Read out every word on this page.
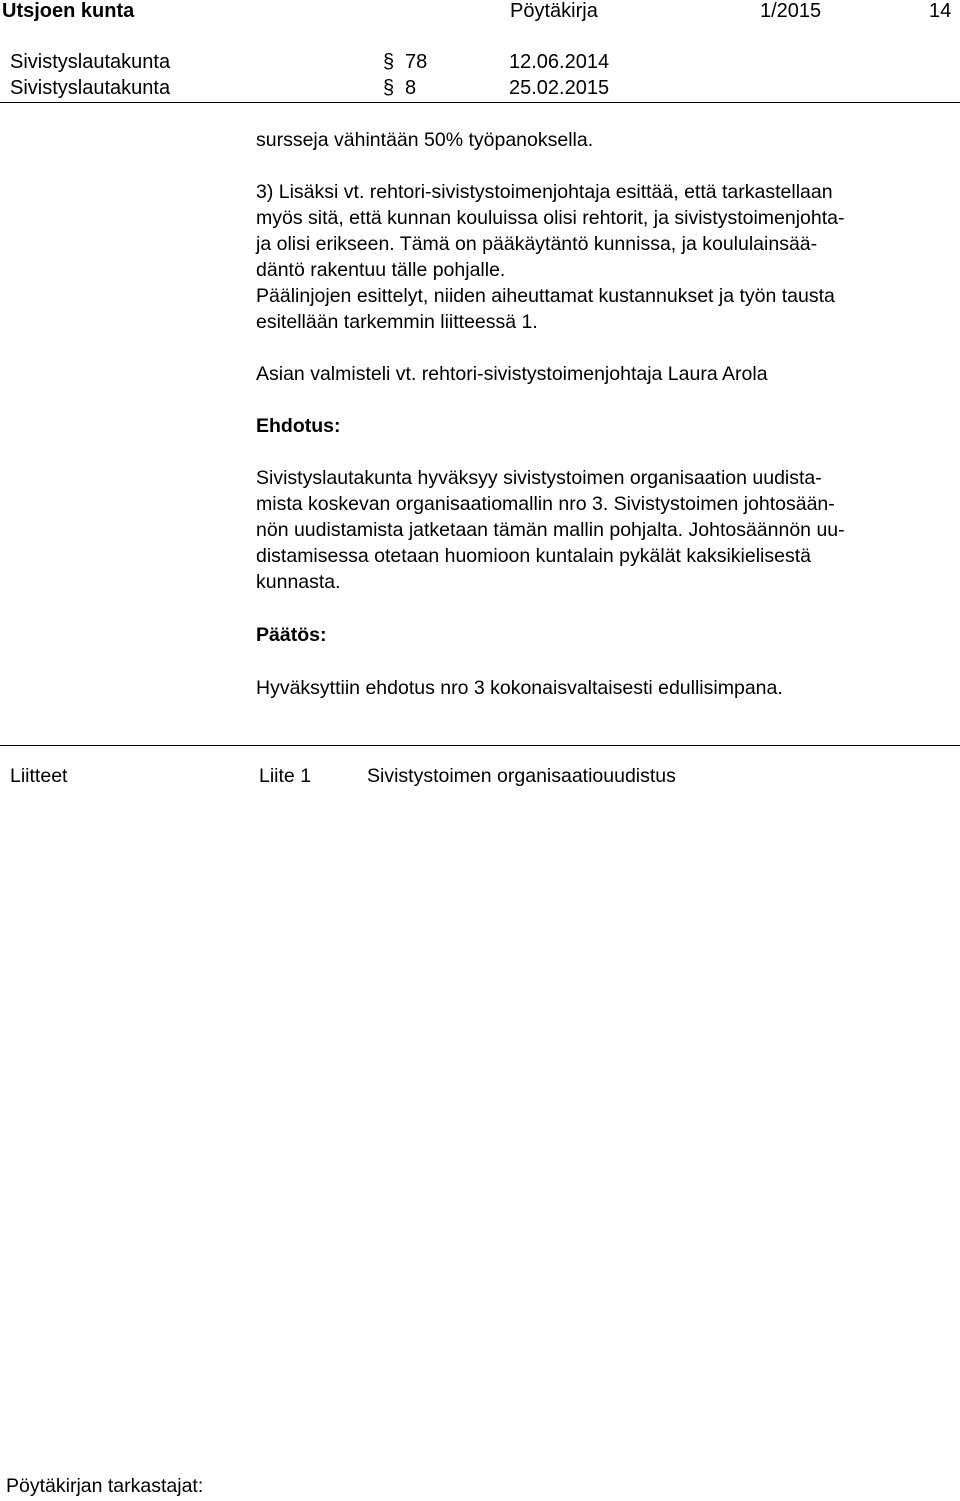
Utsjoen kunta	Pöytäkirja	1/2015	14
Sivistyslautakunta	§ 78	12.06.2014
Sivistyslautakunta	§ 8	25.02.2015

sursseja vähintään 50% työpanoksella.

3) Lisäksi vt. rehtori-sivistystoimenjohtaja esittää, että tarkastellaan
myös sitä, että kunnan kouluissa olisi rehtorit, ja sivistystoimenjohta-
ja olisi erikseen. Tämä on pääkäytäntö kunnissa, ja koululainsää-
däntö rakentuu tälle pohjalle.
Päälinjojen esittelyt, niiden aiheuttamat kustannukset ja työn tausta
esitellään tarkemmin liitteessä 1.

Asian valmisteli vt. rehtori-sivistystoimenjohtaja Laura Arola

Ehdotus:

Sivistyslautakunta hyväksyy sivistystoimen organisaation uudista-
mista koskevan organisaatiomallin nro 3. Sivistystoimen johtosään-
nön uudistamista jatketaan tämän mallin pohjalta. Johtosäännön uu-
distamisessa otetaan huomioon kuntalain pykälät kaksikielisestä
kunnasta.

Päätös:

Hyväksyttiin ehdotus nro 3 kokonaisvaltaisesti edullisimpana.

Liitteet	Liite 1	Sivistystoimen organisaatiouudistus
Pöytäkirjan tarkastajat:
